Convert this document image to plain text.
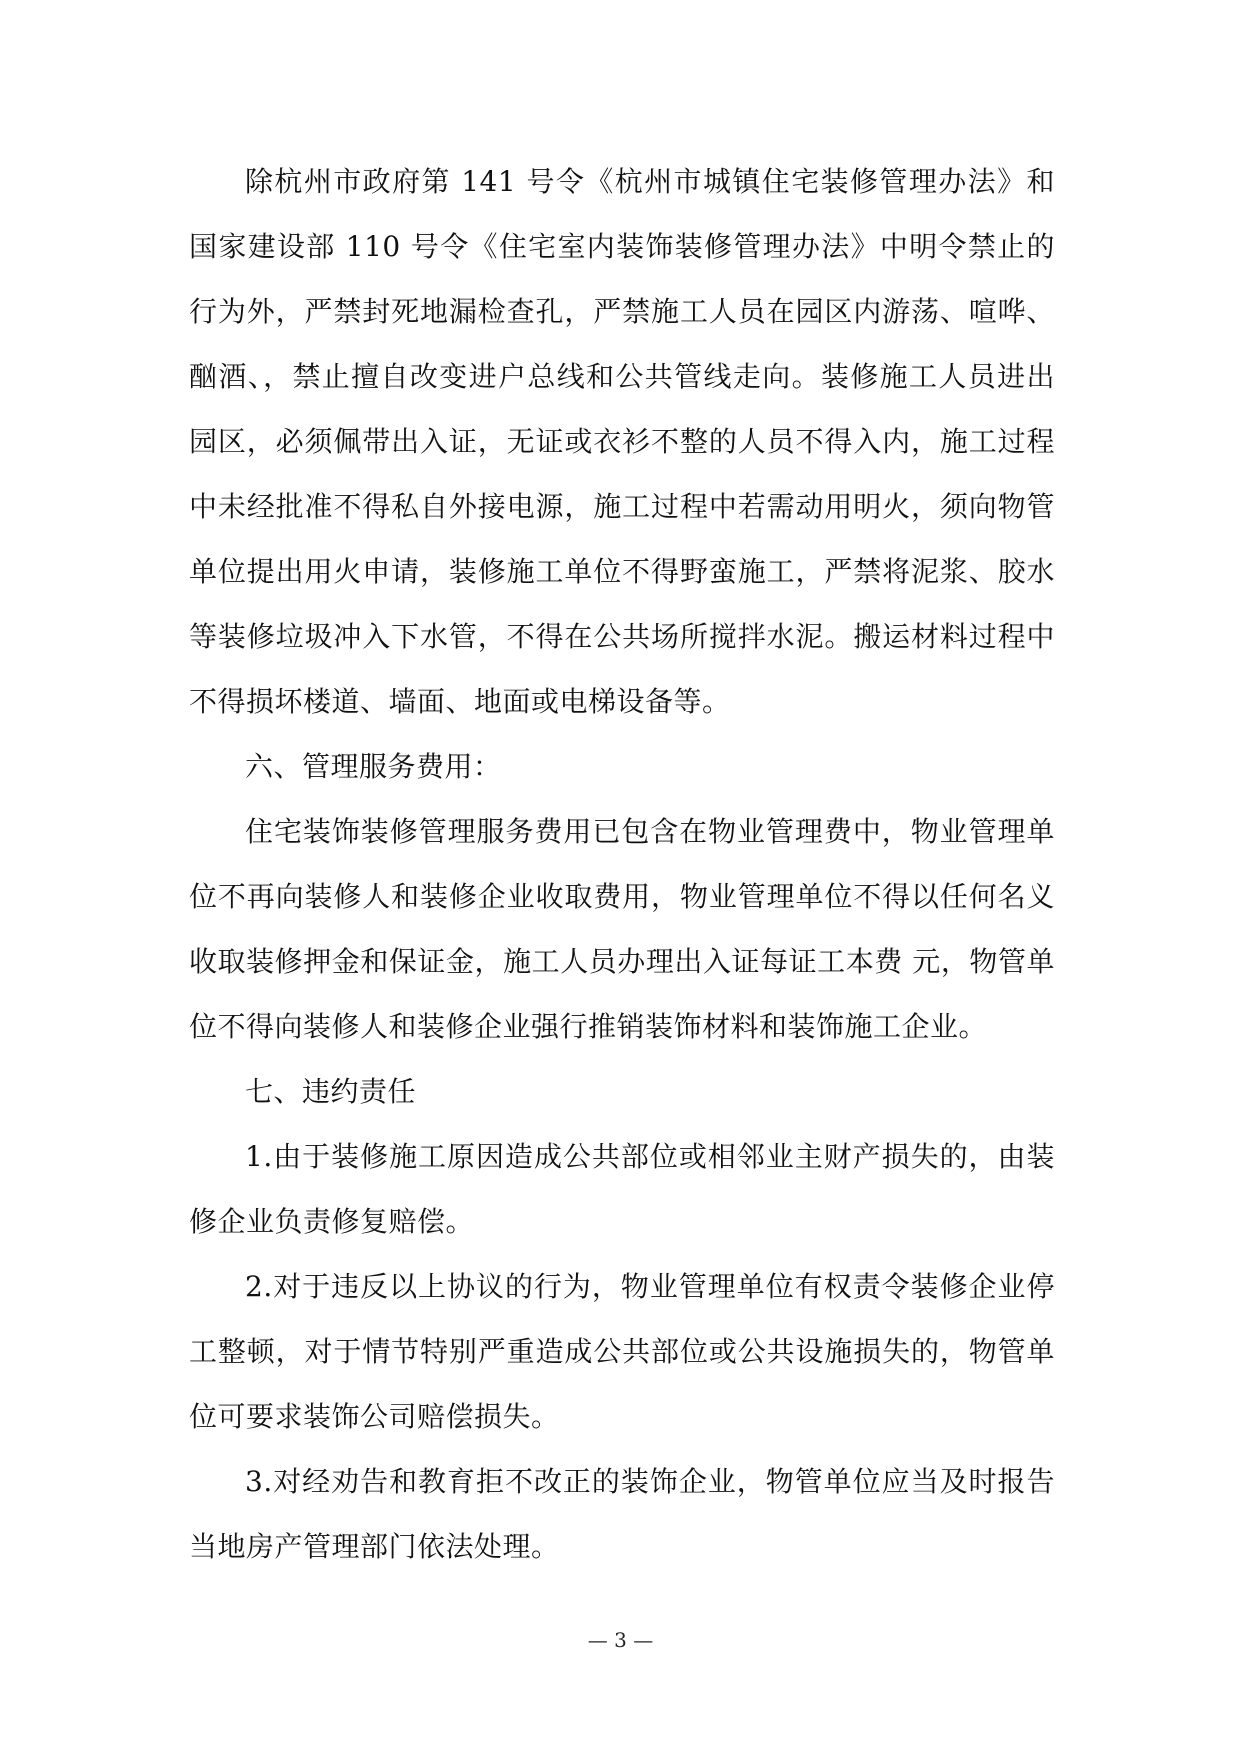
除杭州市政府第 141 号令《杭州市城镇住宅装修管理办法》和国家建设部 110 号令《住宅室内装饰装修管理办法》中明令禁止的行为外，严禁封死地漏检查孔，严禁施工人员在园区内游荡、喧哗、酗酒、，禁止擅自改变进户总线和公共管线走向。装修施工人员进出园区，必须佩带出入证，无证或衣衫不整的人员不得入内，施工过程中未经批准不得私自外接电源，施工过程中若需动用明火，须向物管单位提出用火申请，装修施工单位不得野蛮施工，严禁将泥浆、胶水等装修垃圾冲入下水管，不得在公共场所搅拌水泥。搬运材料过程中不得损坏楼道、墙面、地面或电梯设备等。

六、管理服务费用：

住宅装饰装修管理服务费用已包含在物业管理费中，物业管理单位不再向装修人和装修企业收取费用，物业管理单位不得以任何名义收取装修押金和保证金，施工人员办理出入证每证工本费 元，物管单位不得向装修人和装修企业强行推销装饰材料和装饰施工企业。

七、违约责任

1.由于装修施工原因造成公共部位或相邻业主财产损失的，由装修企业负责修复赔偿。

2.对于违反以上协议的行为，物业管理单位有权责令装修企业停工整顿，对于情节特别严重造成公共部位或公共设施损失的，物管单位可要求装饰公司赔偿损失。

3.对经劝告和教育拒不改正的装饰企业，物管单位应当及时报告当地房产管理部门依法处理。

— 3 —
